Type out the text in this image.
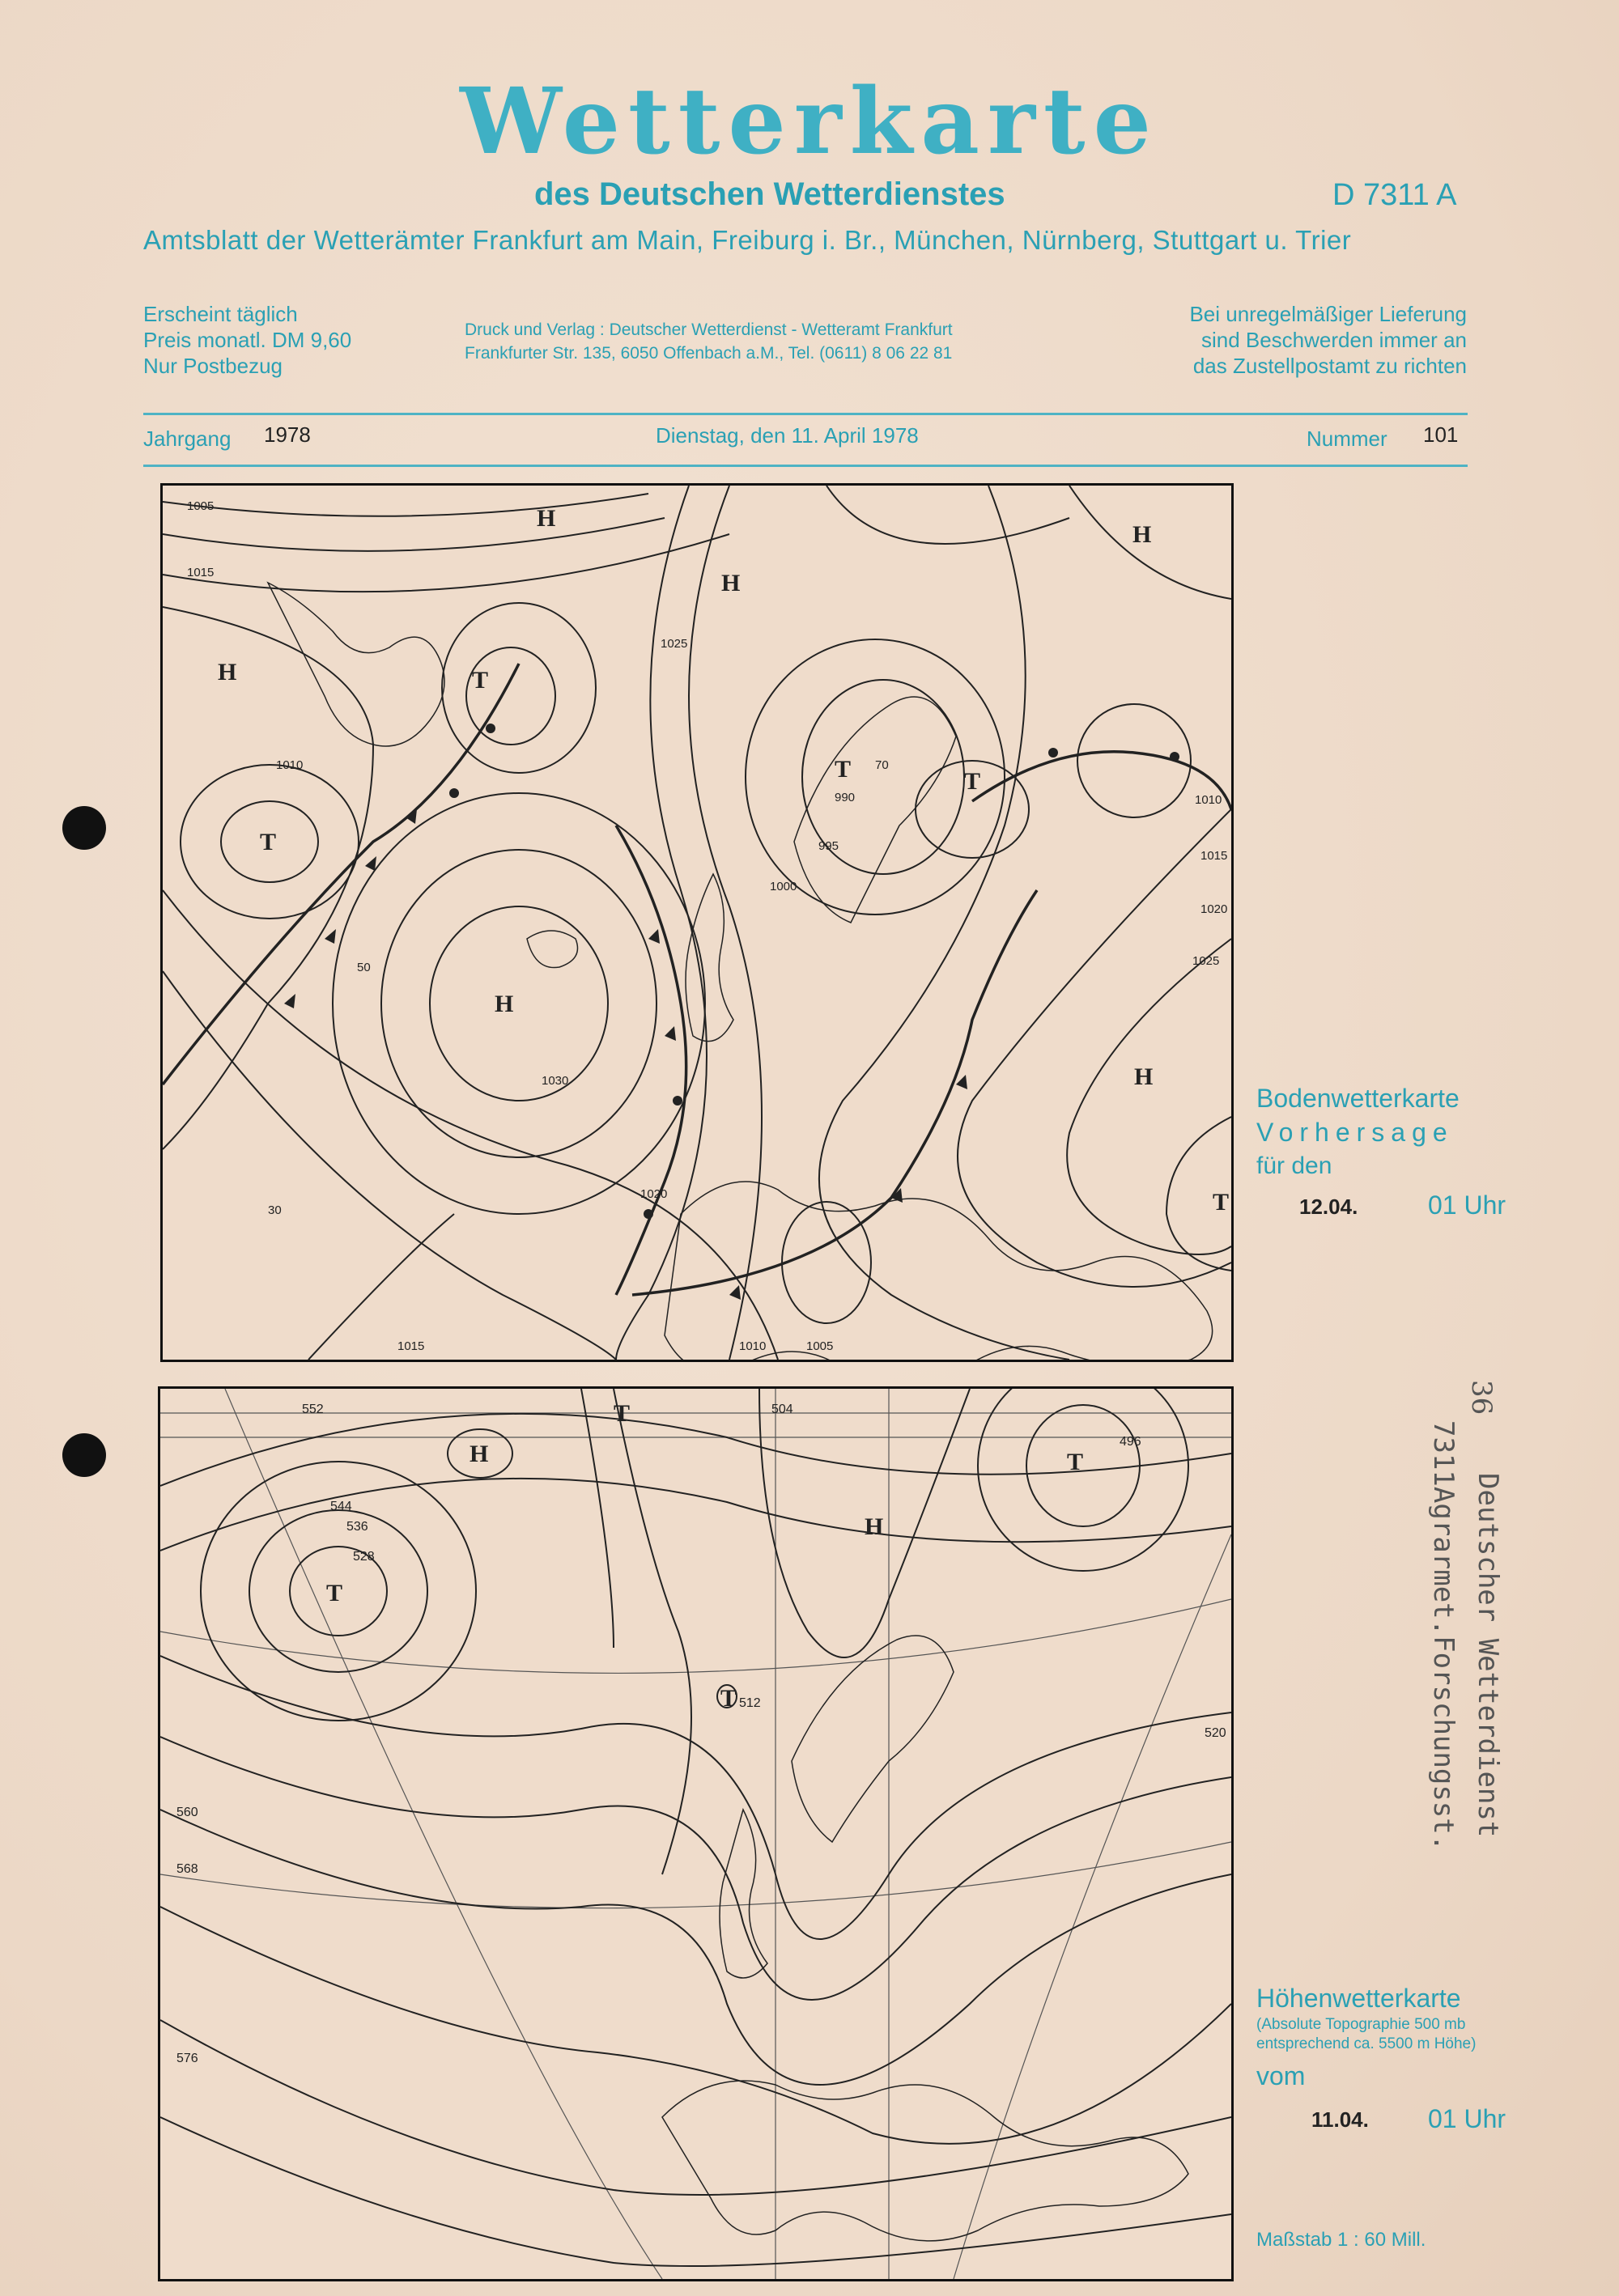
Wetterkarte
des Deutschen Wetterdienstes	D 7311 A
Amtsblatt der Wetterämter Frankfurt am Main, Freiburg i. Br., München, Nürnberg, Stuttgart u. Trier
Erscheint täglich
Preis monatl. DM 9,60
Nur Postbezug
Druck und Verlag : Deutscher Wetterdienst - Wetteramt Frankfurt
Frankfurter Str. 135, 6050 Offenbach a.M., Tel. (0611) 8 06 22 81
Bei unregelmäßiger Lieferung
sind Beschwerden immer an
das Zustellpostamt zu richten
Jahrgang 1978	Dienstag, den 11. April 1978	Nummer 101
H
H
H
H
H
H
T
T
T	T
T
1005
1015
1010
1025
1030
1020
990
995
1000
1010	1005
1015
1010
1015
1020
1025
50
70
30
Bodenwetterkarte
Vorhersage
für den
12.04.	01 Uhr
H
H
T
T
T
T
552
544
536
528
520
512
504
496
560
568
576
Höhenwetterkarte
(Absolute Topographie 500 mb
entsprechend ca. 5500 m Höhe)
vom
11.04. 01 Uhr
Maßstab 1 : 60 Mill.
Deutscher Wetterdienst
7311Agrarmet.Forschungsst.
36
